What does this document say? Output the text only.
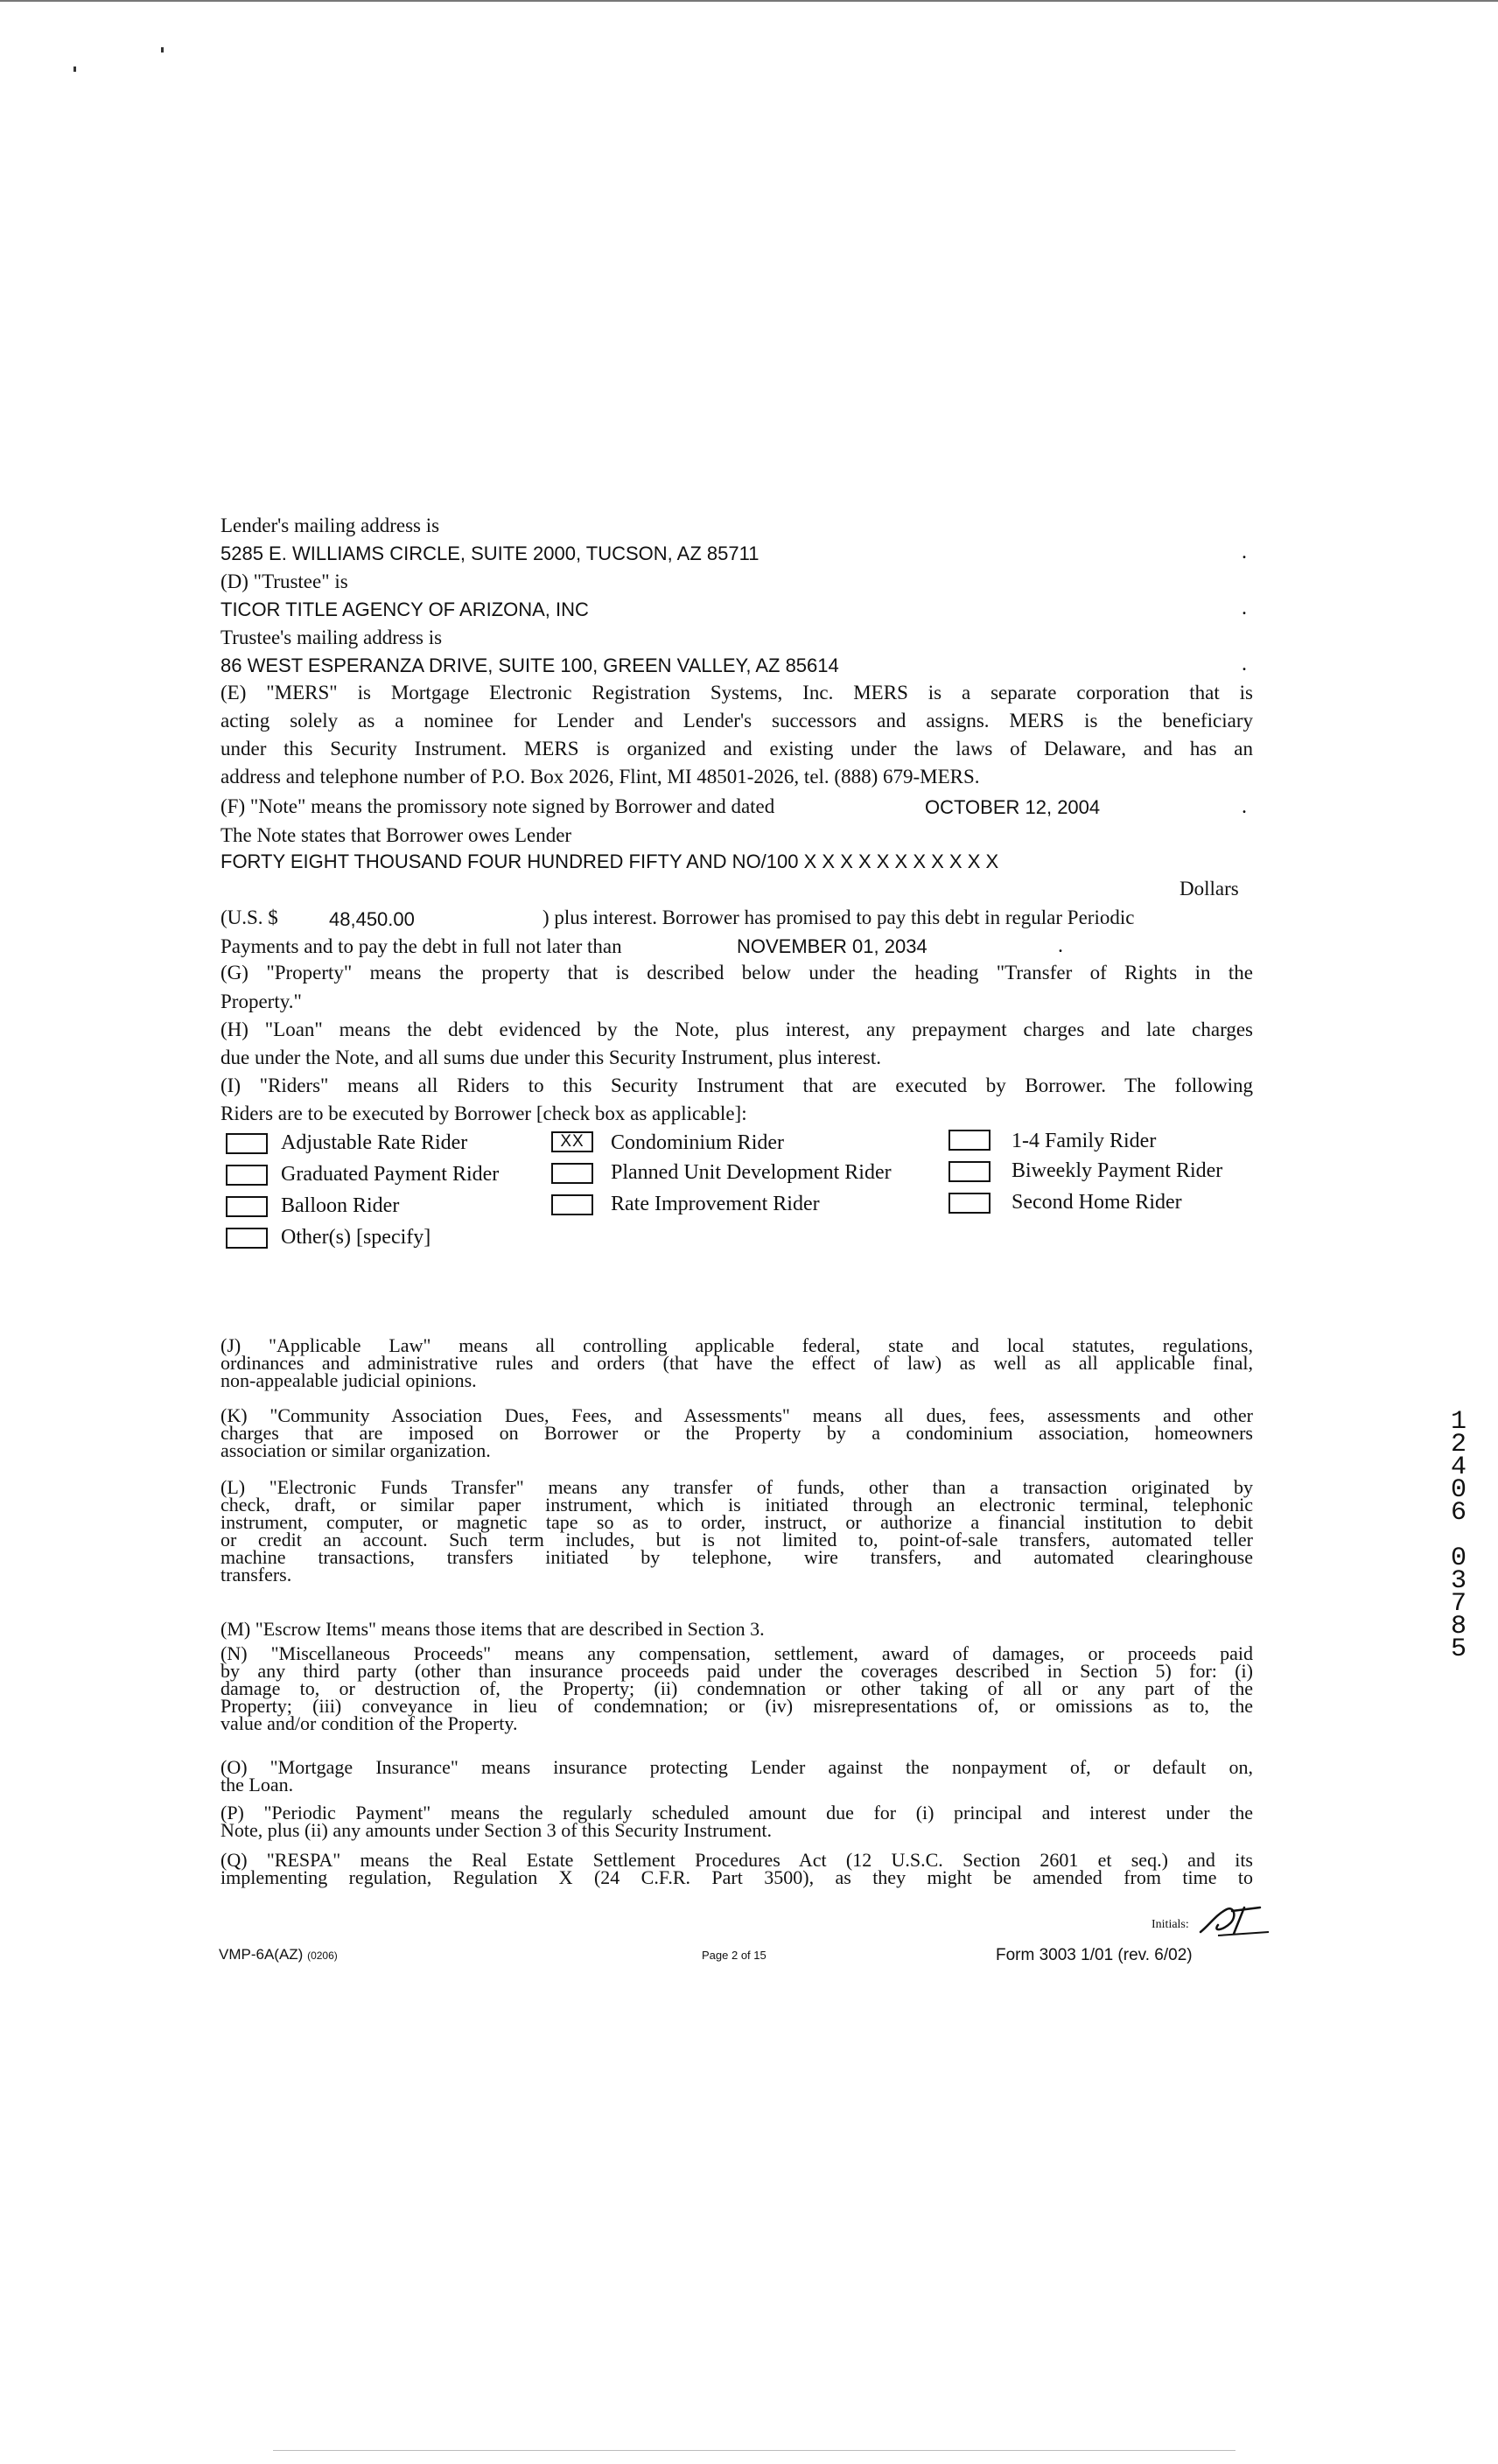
Lender's mailing address is
5285 E. WILLIAMS CIRCLE, SUITE 2000, TUCSON, AZ 85711	.
(D) "Trustee" is
TICOR TITLE AGENCY OF ARIZONA, INC	.
Trustee's mailing address is
86 WEST ESPERANZA DRIVE, SUITE 100, GREEN VALLEY, AZ 85614	.
(E) "MERS" is Mortgage Electronic Registration Systems, Inc. MERS is a separate corporation that is
acting solely as a nominee for Lender and Lender's successors and assigns. MERS is the beneficiary
under this Security Instrument. MERS is organized and existing under the laws of Delaware, and has an
address and telephone number of P.O. Box 2026, Flint, MI 48501-2026, tel. (888) 679-MERS.
(F) "Note" means the promissory note signed by Borrower and dated	OCTOBER 12, 2004	.
The Note states that Borrower owes Lender
FORTY EIGHT THOUSAND FOUR HUNDRED FIFTY AND NO/100 X X X X X X X X X X X
Dollars
(U.S. $	48,450.00	) plus interest. Borrower has promised to pay this debt in regular Periodic
Payments and to pay the debt in full not later than	NOVEMBER 01, 2034	.
(G) "Property" means the property that is described below under the heading "Transfer of Rights in the
Property."
(H) "Loan" means the debt evidenced by the Note, plus interest, any prepayment charges and late charges
due under the Note, and all sums due under this Security Instrument, plus interest.
(I) "Riders" means all Riders to this Security Instrument that are executed by Borrower. The following
Riders are to be executed by Borrower [check box as applicable]:
Adjustable Rate Rider	XX	Condominium Rider	1-4 Family Rider
Graduated Payment Rider	Planned Unit Development Rider	Biweekly Payment Rider
Balloon Rider	Rate Improvement Rider	Second Home Rider
Other(s) [specify]
(J) "Applicable Law" means all controlling applicable federal, state and local statutes, regulations,
ordinances and administrative rules and orders (that have the effect of law) as well as all applicable final,
non-appealable judicial opinions.
(K) "Community Association Dues, Fees, and Assessments" means all dues, fees, assessments and other
charges that are imposed on Borrower or the Property by a condominium association, homeowners
association or similar organization.
(L) "Electronic Funds Transfer" means any transfer of funds, other than a transaction originated by
check, draft, or similar paper instrument, which is initiated through an electronic terminal, telephonic
instrument, computer, or magnetic tape so as to order, instruct, or authorize a financial institution to debit
or credit an account. Such term includes, but is not limited to, point-of-sale transfers, automated teller
machine transactions, transfers initiated by telephone, wire transfers, and automated clearinghouse
transfers.
(M) "Escrow Items" means those items that are described in Section 3.
(N) "Miscellaneous Proceeds" means any compensation, settlement, award of damages, or proceeds paid
by any third party (other than insurance proceeds paid under the coverages described in Section 5) for: (i)
damage to, or destruction of, the Property; (ii) condemnation or other taking of all or any part of the
Property; (iii) conveyance in lieu of condemnation; or (iv) misrepresentations of, or omissions as to, the
value and/or condition of the Property.
(O) "Mortgage Insurance" means insurance protecting Lender against the nonpayment of, or default on,
the Loan.
(P) "Periodic Payment" means the regularly scheduled amount due for (i) principal and interest under the
Note, plus (ii) any amounts under Section 3 of this Security Instrument.
(Q) "RESPA" means the Real Estate Settlement Procedures Act (12 U.S.C. Section 2601 et seq.) and its
implementing regulation, Regulation X (24 C.F.R. Part 3500), as they might be amended from time to
Initials:
VMP-6A(AZ) (0206)	Page 2 of 15	Form 3003 1/01 (rev. 6/02)
1
2
4
0
6
0
3
7
8
5
